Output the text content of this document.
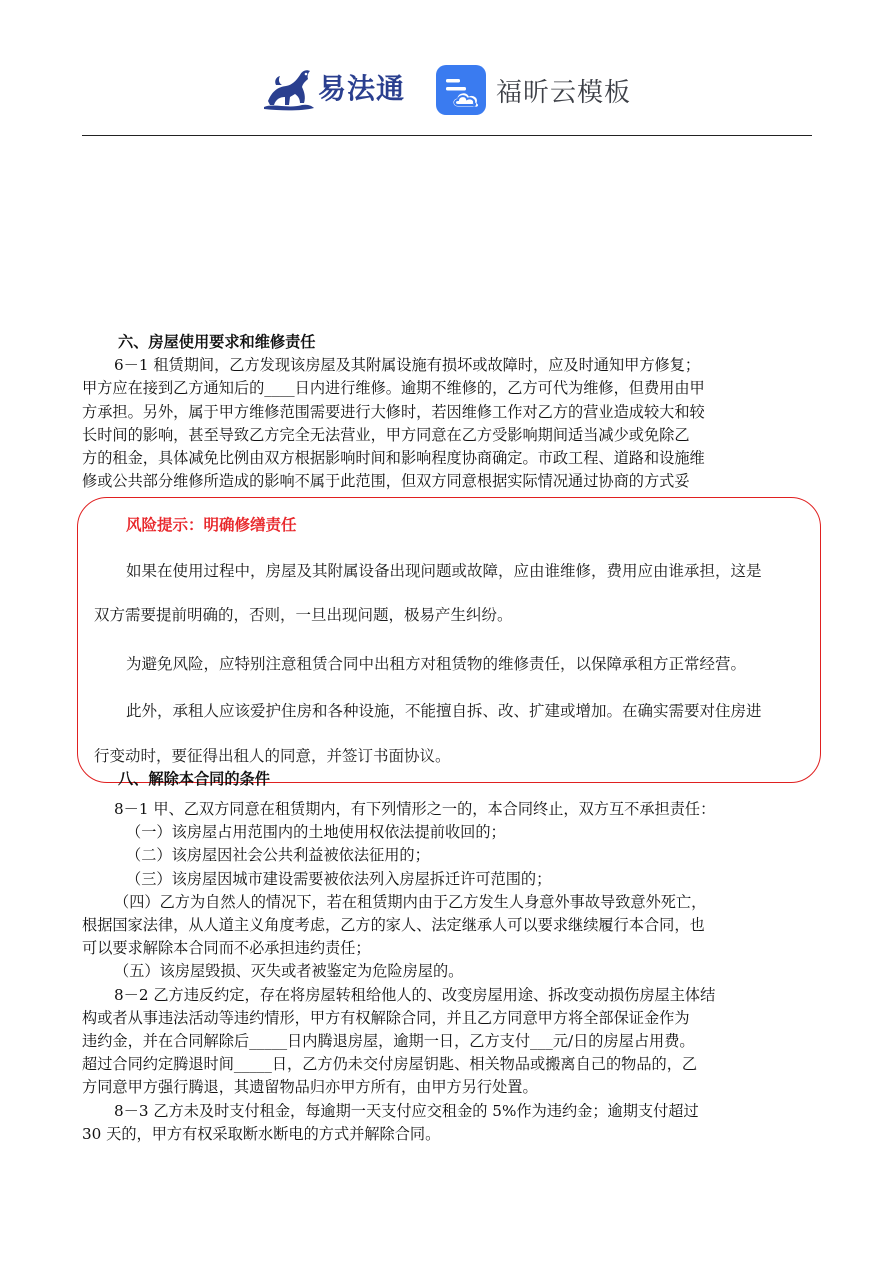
易法通	福昕云模板

六、房屋使用要求和维修责任

6－1 租赁期间，乙方发现该房屋及其附属设施有损坏或故障时，应及时通知甲方修复；

甲方应在接到乙方通知后的____日内进行维修。逾期不维修的，乙方可代为维修，但费用由甲

方承担。另外，属于甲方维修范围需要进行大修时，若因维修工作对乙方的营业造成较大和较

长时间的影响，甚至导致乙方完全无法营业，甲方同意在乙方受影响期间适当减少或免除乙

方的租金，具体减免比例由双方根据影响时间和影响程度协商确定。市政工程、道路和设施维

修或公共部分维修所造成的影响不属于此范围，但双方同意根据实际情况通过协商的方式妥

风险提示：明确修缮责任
如果在使用过程中，房屋及其附属设备出现问题或故障，应由谁维修，费用应由谁承担，这是
双方需要提前明确的，否则，一旦出现问题，极易产生纠纷。
为避免风险，应特别注意租赁合同中出租方对租赁物的维修责任，以保障承租方正常经营。
此外，承租人应该爱护住房和各种设施，不能擅自拆、改、扩建或增加。在确实需要对住房进
行变动时，要征得出租人的同意，并签订书面协议。
八、解除本合同的条件

8－1 甲、乙双方同意在租赁期内，有下列情形之一的，本合同终止，双方互不承担责任：

（一）该房屋占用范围内的土地使用权依法提前收回的；

（二）该房屋因社会公共利益被依法征用的；

（三）该房屋因城市建设需要被依法列入房屋拆迁许可范围的；

（四）乙方为自然人的情况下，若在租赁期内由于乙方发生人身意外事故导致意外死亡，

根据国家法律，从人道主义角度考虑，乙方的家人、法定继承人可以要求继续履行本合同，也

可以要求解除本合同而不必承担违约责任；

（五）该房屋毁损、灭失或者被鉴定为危险房屋的。

8－2 乙方违反约定，存在将房屋转租给他人的、改变房屋用途、拆改变动损伤房屋主体结

构或者从事违法活动等违约情形，甲方有权解除合同，并且乙方同意甲方将全部保证金作为

违约金，并在合同解除后_____日内腾退房屋，逾期一日，乙方支付___元/日的房屋占用费。

超过合同约定腾退时间_____日，乙方仍未交付房屋钥匙、相关物品或搬离自己的物品的，乙

方同意甲方强行腾退，其遗留物品归亦甲方所有，由甲方另行处置。

8－3 乙方未及时支付租金，每逾期一天支付应交租金的 5%作为违约金；逾期支付超过

30 天的，甲方有权采取断水断电的方式并解除合同。
